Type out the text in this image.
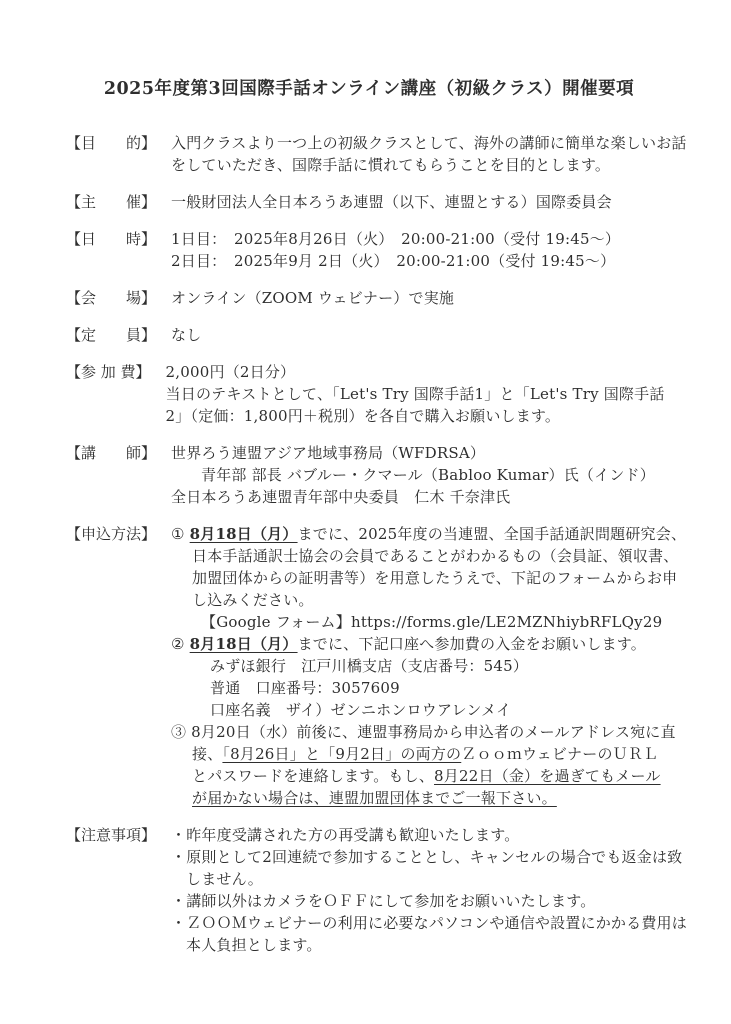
2025年度第3回国際手話オンライン講座（初級クラス）開催要項
【目　　的】 入門クラスより一つ上の初級クラスとして、海外の講師に簡単な楽しいお話
をしていただき、国際手話に慣れてもらうことを目的とします。
【主　　催】 一般財団法人全日本ろうあ連盟（以下、連盟とする）国際委員会
【日　　時】 1日目：　2025年8月26日（火）　20:00-21:00（受付 19:45〜）
2日目：　2025年9月 2日（火）　20:00-21:00（受付 19:45〜）
【会　　場】 オンライン（ZOOM ウェビナー）で実施
【定　　員】 なし
【参 加 費】 2,000円（2日分）
当日のテキストとして、「Let's Try 国際手話1」と「Let's Try 国際手話
2」（定価：1,800円＋税別）を各自で購入お願いします。
【講　　師】 世界ろう連盟アジア地域事務局（WFDRSA）
青年部 部長 バブルー・クマール（Babloo Kumar）氏（インド）
全日本ろうあ連盟青年部中央委員　仁木 千奈津氏
【申込方法】 ① 8月18日（月）までに、2025年度の当連盟、全国手話通訳問題研究会、
日本手話通訳士協会の会員であることがわかるもの（会員証、領収書、
加盟団体からの証明書等）を用意したうえで、下記のフォームからお申
し込みください。
【Google フォーム】https://forms.gle/LE2MZNhiybRFLQy29
② 8月18日（月）までに、下記口座へ参加費の入金をお願いします。
みずほ銀行　江戸川橋支店（支店番号：545）
普通　口座番号：3057609
口座名義　ザイ）ゼンニホンロウアレンメイ
③ 8月20日（水）前後に、連盟事務局から申込者のメールアドレス宛に直
接、「8月26日」と「9月2日」の両方のＺｏｏｍウェビナーのＵＲＬ
とパスワードを連絡します。もし、8月22日（金）を過ぎてもメール
が届かない場合は、連盟加盟団体までご一報下さい。
【注意事項】 ・昨年度受講された方の再受講も歓迎いたします。
・原則として2回連続で参加することとし、キャンセルの場合でも返金は致
しません。
・講師以外はカメラをＯＦＦにして参加をお願いいたします。
・ＺＯＯＭウェビナーの利用に必要なパソコンや通信や設置にかかる費用は
本人負担とします。
